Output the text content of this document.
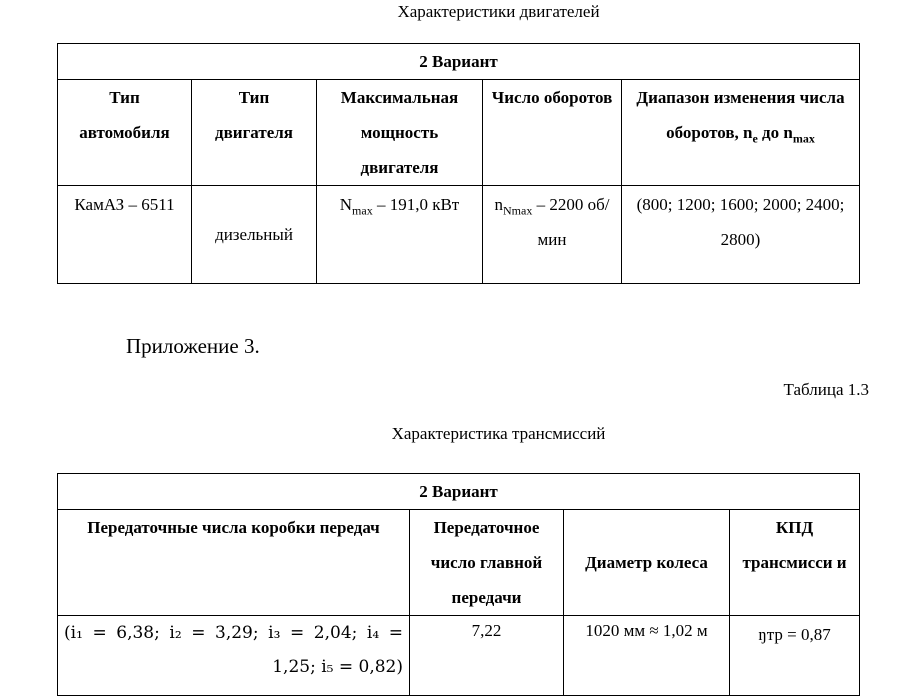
Характеристики двигателей
2 Вариант				
Тип автомобиля	Тип двигателя	Максимальная мощность двигателя	Число оборотов	Диапазон изменения числа оборотов, $n_e$ до $n_{max}$
КамАЗ – 6511	дизельный	$N_{max} - 191,0$ кВт	$n_{Nmax} - 2200$ об/мин	(800; 1200; 1600; 2000; 2400; 2800)
Приложение 3.
Таблица 1.3
Характеристика трансмиссий
2 Вариант			
Передаточные числа коробки передач	Передаточное число главной передачи	Диаметр колеса	КПД трансмисси и
(i₁ = 6,38; i₂ = 3,29; i₃ = 2,04; i₄ = 1,25; i₅ = 0,82)	7,22	1020 мм ≈ 1,02 м	ŋтр = 0,87
